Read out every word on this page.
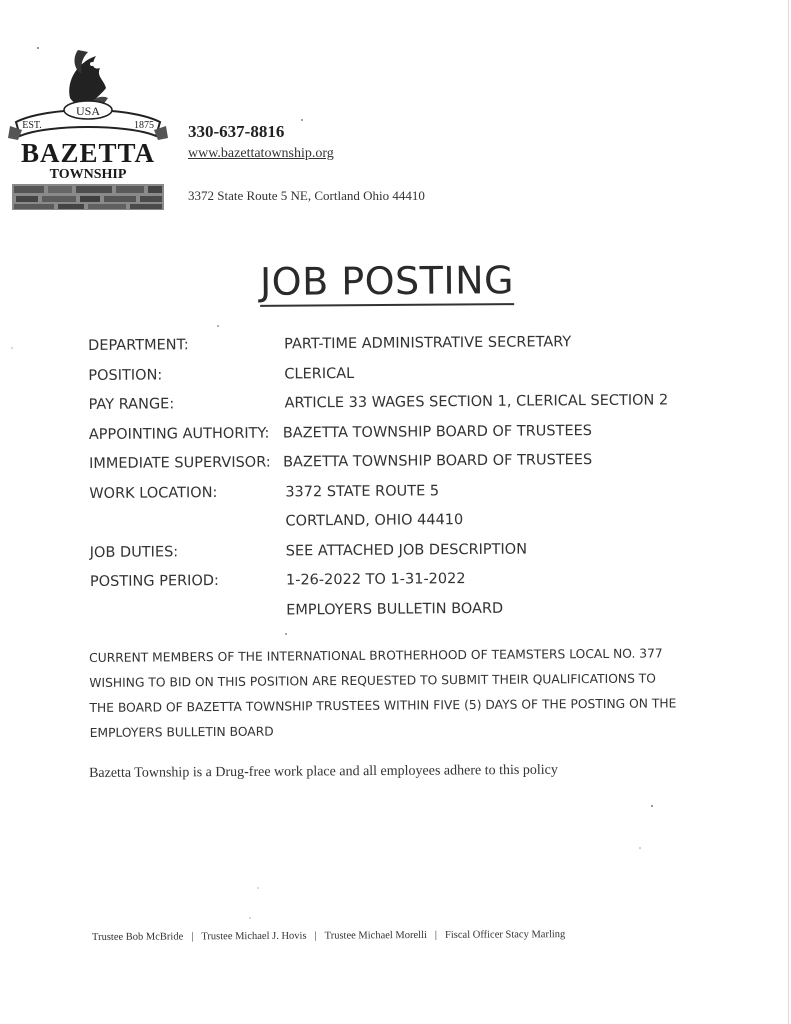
USA
EST.	1875
BAZETTA
TOWNSHIP
330-637-8816
www.bazettatownship.org
3372 State Route 5 NE, Cortland Ohio 44410
JOB POSTING
DEPARTMENT:	PART-TIME ADMINISTRATIVE SECRETARY
POSITION:	CLERICAL
PAY RANGE:	ARTICLE 33 WAGES SECTION 1, CLERICAL SECTION 2
APPOINTING AUTHORITY: BAZETTA TOWNSHIP BOARD OF TRUSTEES
IMMEDIATE SUPERVISOR: BAZETTA TOWNSHIP BOARD OF TRUSTEES
WORK LOCATION:	3372 STATE ROUTE 5
CORTLAND, OHIO 44410
JOB DUTIES:	SEE ATTACHED JOB DESCRIPTION
POSTING PERIOD:	1-26-2022 TO 1-31-2022
EMPLOYERS BULLETIN BOARD
CURRENT MEMBERS OF THE INTERNATIONAL BROTHERHOOD OF TEAMSTERS LOCAL NO. 377
WISHING TO BID ON THIS POSITION ARE REQUESTED TO SUBMIT THEIR QUALIFICATIONS TO
THE BOARD OF BAZETTA TOWNSHIP TRUSTEES WITHIN FIVE (5) DAYS OF THE POSTING ON THE
EMPLOYERS BULLETIN BOARD
Bazetta Township is a Drug-free work place and all employees adhere to this policy
Trustee Bob McBride | Trustee Michael J. Hovis | Trustee Michael Morelli | Fiscal Officer Stacy Marling
